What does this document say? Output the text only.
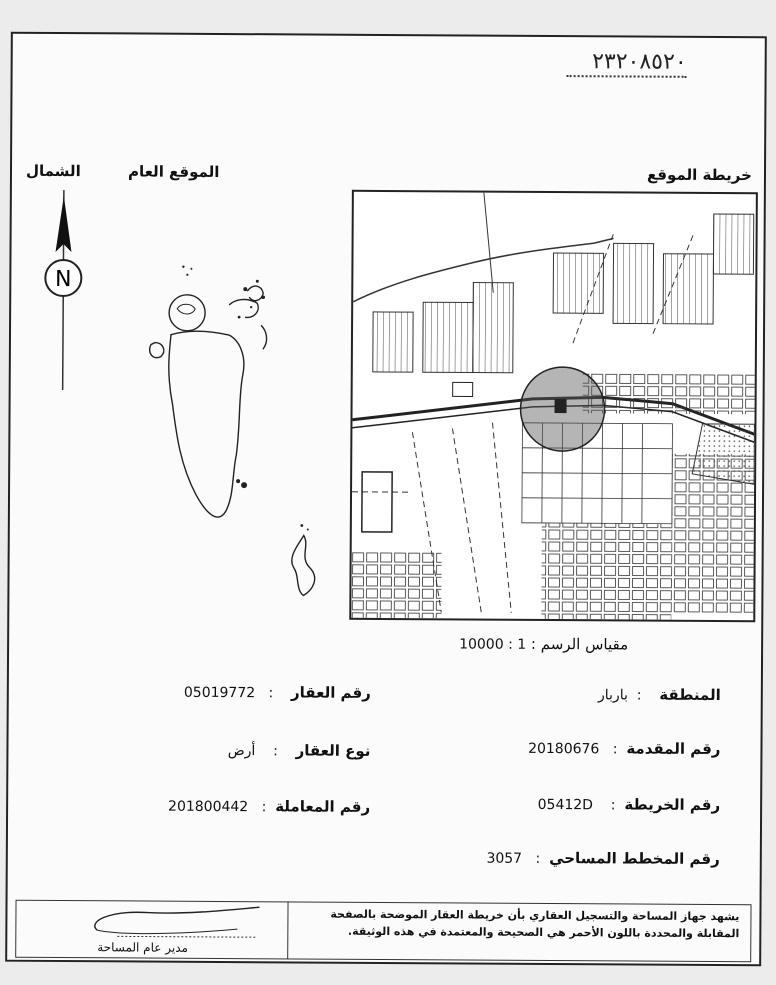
٢٣٢٠٨٥٢٠
الشمال	الموقع العام	خريطة الموقع
N
مقياس الرسم : 10000 : 1
المنطقة    :  باربار
رقم المقدمة  :   20180676
رقم الخريطة  :    05412D
رقم المخطط المساحي  :   3057
رقم العقار    :   05019772
نوع العقار    :    أرض
رقم المعاملة  :   201800442
يشهد جهاز المساحة والتسجيل العقاري بأن خريطة العقار الموضحة بالصفحة
المقابلة والمحددة باللون الأحمر هي الصحيحة والمعتمدة في هذه الوثيقة.
مدير عام المساحة
